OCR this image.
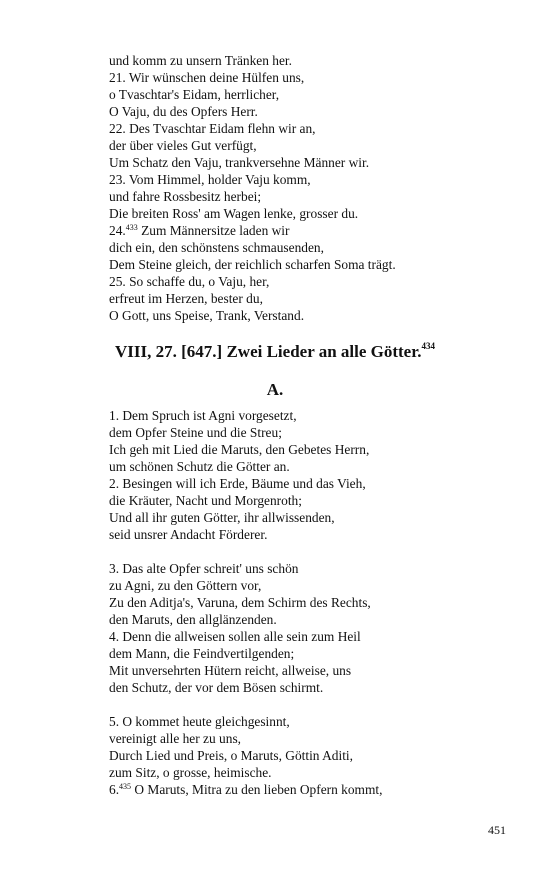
und komm zu unsern Tränken her.
21. Wir wünschen deine Hülfen uns,
o Tvaschtar's Eidam, herrlicher,
O Vaju, du des Opfers Herr.
22. Des Tvaschtar Eidam flehn wir an,
der über vieles Gut verfügt,
Um Schatz den Vaju, trankversehne Männer wir.
23. Vom Himmel, holder Vaju komm,
und fahre Rossbesitz herbei;
Die breiten Ross' am Wagen lenke, grosser du.
24.$^{433}$ Zum Männersitze laden wir
dich ein, den schönstens schmausenden,
Dem Steine gleich, der reichlich scharfen Soma trägt.
25. So schaffe du, o Vaju, her,
erfreut im Herzen, bester du,
O Gott, uns Speise, Trank, Verstand.
VIII, 27. [647.] Zwei Lieder an alle Götter.$^{434}$
A.
1. Dem Spruch ist Agni vorgesetzt,
dem Opfer Steine und die Streu;
Ich geh mit Lied die Maruts, den Gebetes Herrn,
um schönen Schutz die Götter an.
2. Besingen will ich Erde, Bäume und das Vieh,
die Kräuter, Nacht und Morgenroth;
Und all ihr guten Götter, ihr allwissenden,
seid unsrer Andacht Förderer.
3. Das alte Opfer schreit' uns schön
zu Agni, zu den Göttern vor,
Zu den Aditja's, Varuna, dem Schirm des Rechts,
den Maruts, den allglänzenden.
4. Denn die allweisen sollen alle sein zum Heil
dem Mann, die Feindvertilgenden;
Mit unversehrten Hütern reicht, allweise, uns
den Schutz, der vor dem Bösen schirmt.
5. O kommet heute gleichgesinnt,
vereinigt alle her zu uns,
Durch Lied und Preis, o Maruts, Göttin Aditi,
zum Sitz, o grosse, heimische.
6.$^{435}$ O Maruts, Mitra zu den lieben Opfern kommt,
451
